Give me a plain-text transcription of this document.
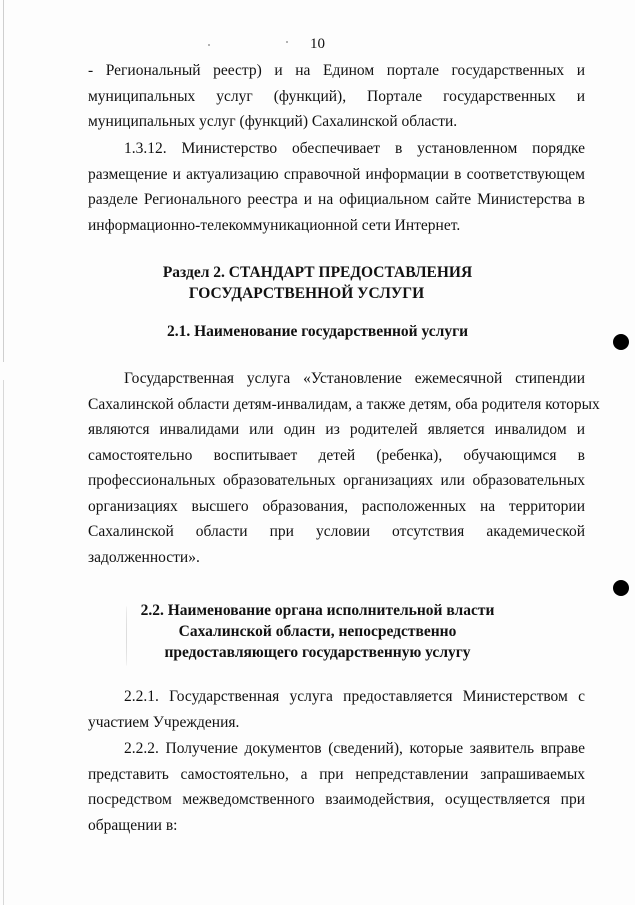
10
- Региональный реестр) и на Едином портале государственных и
муниципальных услуг (функций), Портале государственных и
муниципальных услуг (функций) Сахалинской области.
1.3.12. Министерство обеспечивает в установленном порядке
размещение и актуализацию справочной информации в соответствующем
разделе Регионального реестра и на официальном сайте Министерства в
информационно-телекоммуникационной сети Интернет.
Раздел 2. СТАНДАРТ ПРЕДОСТАВЛЕНИЯ
ГОСУДАРСТВЕННОЙ УСЛУГИ
2.1. Наименование государственной услуги
Государственная услуга «Установление ежемесячной стипендии
Сахалинской области детям-инвалидам, а также детям, оба родителя которых
являются инвалидами или один из родителей является инвалидом и
самостоятельно воспитывает детей (ребенка), обучающимся в
профессиональных образовательных организациях или образовательных
организациях высшего образования, расположенных на территории
Сахалинской области при условии отсутствия академической
задолженности».
2.2. Наименование органа исполнительной власти
Сахалинской области, непосредственно
предоставляющего государственную услугу
2.2.1. Государственная услуга предоставляется Министерством с
участием Учреждения.
2.2.2. Получение документов (сведений), которые заявитель вправе
представить самостоятельно, а при непредставлении запрашиваемых
посредством межведомственного взаимодействия, осуществляется при
обращении в:
